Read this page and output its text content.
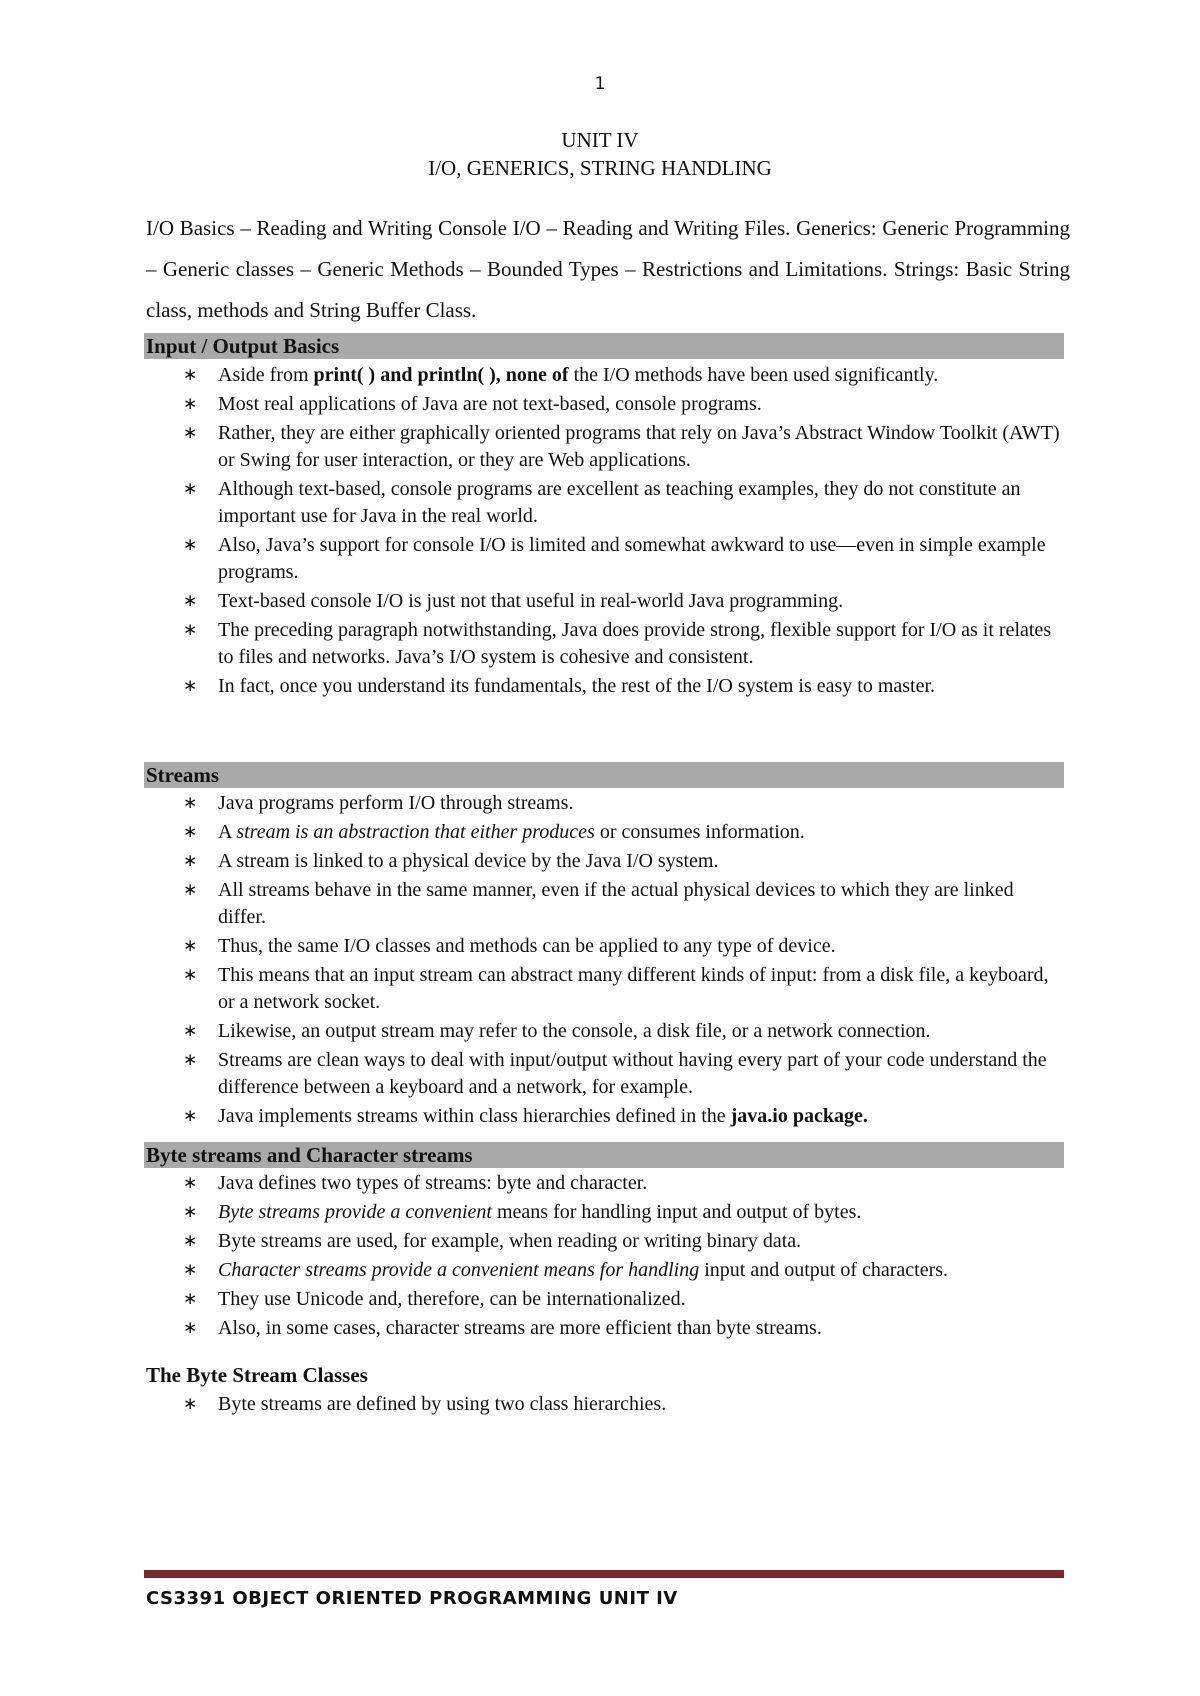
1
UNIT IV
I/O, GENERICS, STRING HANDLING
I/O Basics – Reading and Writing Console I/O – Reading and Writing Files. Generics: Generic Programming – Generic classes – Generic Methods – Bounded Types – Restrictions and Limitations. Strings: Basic String class, methods and String Buffer Class.
Input / Output Basics
∗ Aside from print( ) and println( ), none of the I/O methods have been used significantly.
∗ Most real applications of Java are not text-based, console programs.
∗ Rather, they are either graphically oriented programs that rely on Java’s Abstract Window Toolkit (AWT) or Swing for user interaction, or they are Web applications.
∗ Although text-based, console programs are excellent as teaching examples, they do not constitute an important use for Java in the real world.
∗ Also, Java’s support for console I/O is limited and somewhat awkward to use—even in simple example programs.
∗ Text-based console I/O is just not that useful in real-world Java programming.
∗ The preceding paragraph notwithstanding, Java does provide strong, flexible support for I/O as it relates to files and networks. Java’s I/O system is cohesive and consistent.
∗ In fact, once you understand its fundamentals, the rest of the I/O system is easy to master.
Streams
∗ Java programs perform I/O through streams.
∗ A stream is an abstraction that either produces or consumes information.
∗ A stream is linked to a physical device by the Java I/O system.
∗ All streams behave in the same manner, even if the actual physical devices to which they are linked differ.
∗ Thus, the same I/O classes and methods can be applied to any type of device.
∗ This means that an input stream can abstract many different kinds of input: from a disk file, a keyboard, or a network socket.
∗ Likewise, an output stream may refer to the console, a disk file, or a network connection.
∗ Streams are clean ways to deal with input/output without having every part of your code understand the difference between a keyboard and a network, for example.
∗ Java implements streams within class hierarchies defined in the java.io package.
Byte streams and Character streams
∗ Java defines two types of streams: byte and character.
∗ Byte streams provide a convenient means for handling input and output of bytes.
∗ Byte streams are used, for example, when reading or writing binary data.
∗ Character streams provide a convenient means for handling input and output of characters.
∗ They use Unicode and, therefore, can be internationalized.
∗ Also, in some cases, character streams are more efficient than byte streams.
The Byte Stream Classes
∗ Byte streams are defined by using two class hierarchies.
CS3391 OBJECT ORIENTED PROGRAMMING UNIT IV
